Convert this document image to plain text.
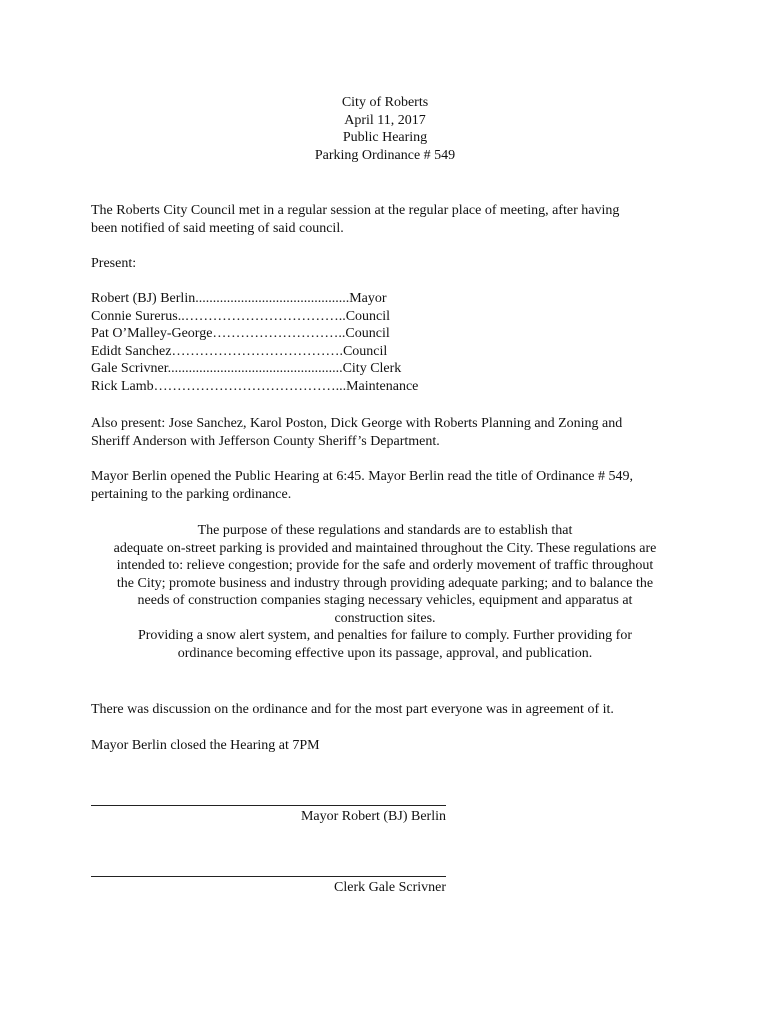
City of Roberts
April 11, 2017
Public Hearing
Parking Ordinance # 549
The Roberts City Council met in a regular session at the regular place of meeting, after having
been notified of said meeting of said council.
Present:
Robert (BJ) Berlin............................................Mayor
Connie Surerus..……………………………..Council
Pat O’Malley-George………………………..Council
Edidt Sanchez……………………………….Council
Gale Scrivner..................................................City Clerk
Rick Lamb…………………………………...Maintenance
Also present: Jose Sanchez, Karol Poston, Dick George with Roberts Planning and Zoning and
Sheriff Anderson with Jefferson County Sheriff’s Department.
Mayor Berlin opened the Public Hearing at 6:45. Mayor Berlin read the title of Ordinance # 549,
pertaining to the parking ordinance.
The purpose of these regulations and standards are to establish that
adequate on-street parking is provided and maintained throughout the City. These regulations are
intended to: relieve congestion; provide for the safe and orderly movement of traffic throughout
the City; promote business and industry through providing adequate parking; and to balance the
needs of construction companies staging necessary vehicles, equipment and apparatus at
construction sites.
Providing a snow alert system, and penalties for failure to comply. Further providing for
ordinance becoming effective upon its passage, approval, and publication.
There was discussion on the ordinance and for the most part everyone was in agreement of it.
Mayor Berlin closed the Hearing at 7PM
Mayor Robert (BJ) Berlin
Clerk Gale Scrivner
